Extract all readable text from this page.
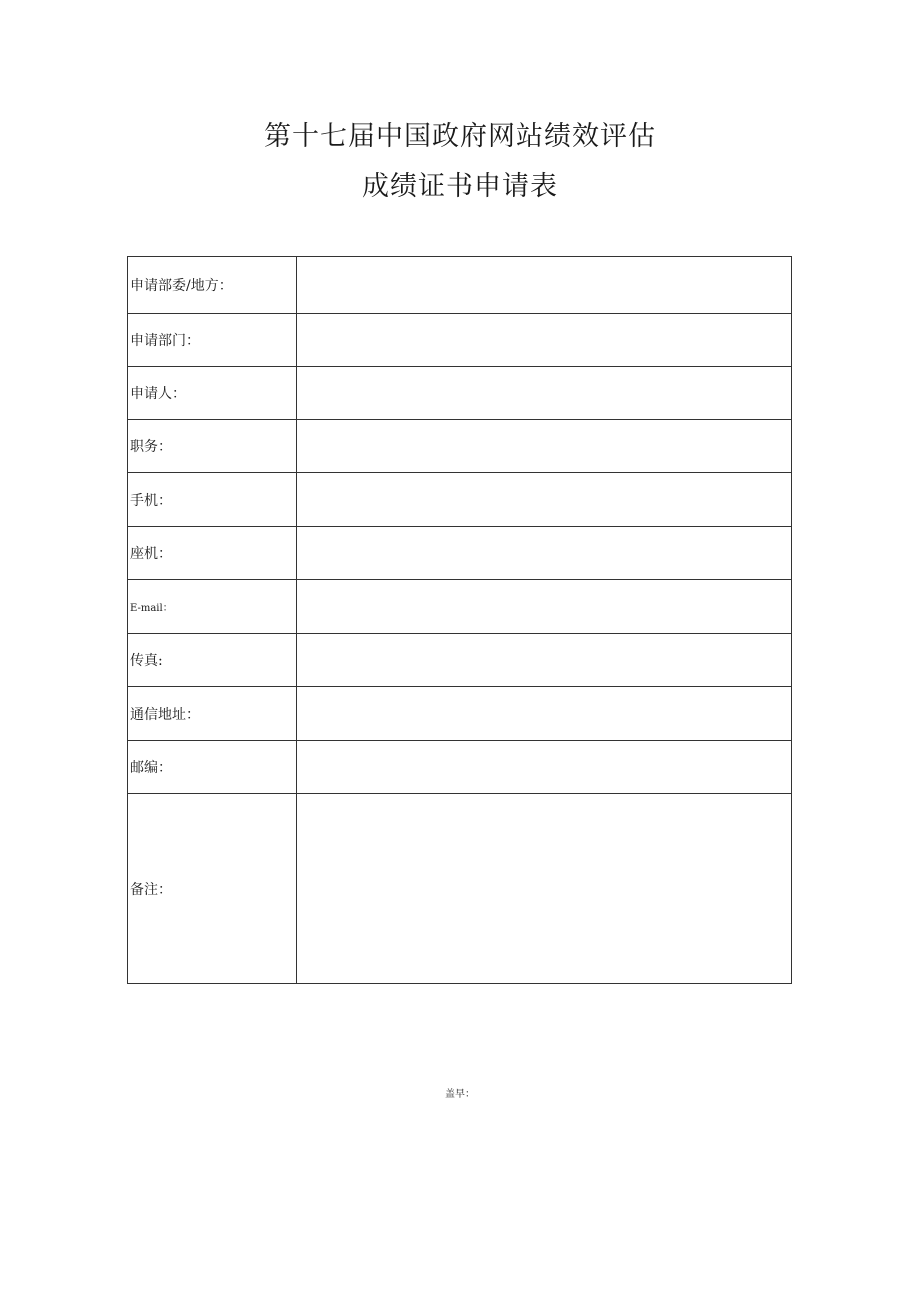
第十七届中国政府网站绩效评估
成绩证书申请表
申请部委/地方：	
申请部门：	
申请人：	
职务：	
手机：	
座机：	
E-mail：	
传真:	
通信地址：	
邮编：	
备注：	
盖早：
